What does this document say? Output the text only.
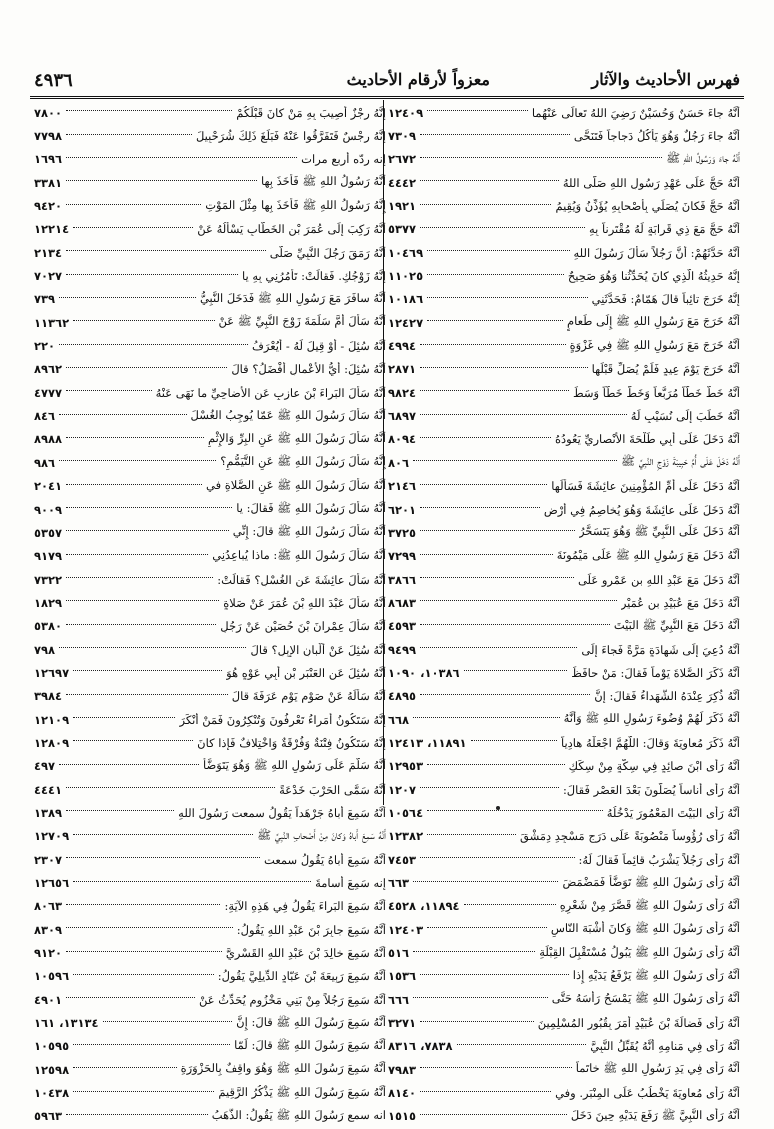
فهرس الأحاديث والآثار
معزواً لأرقام الأحاديث
٤٩٣٦
أَنَّهُ جاءَ حَسَنٌ وَحُسَيْنٌ رَضِيَ اللهُ تَعالَى عَنْهُما
١٢٤٠٩
أَنَّهُ جاءَ رَجُلٌ وَهُوَ يَأْكُلُ دَجاجاً فَتَنَحَّى
٧٣٠٩
أَنَّهُ جاءَ وَرَسُولُ اللهِ ﷺ
٢٦٧٢
أَنَّهُ حَجَّ عَلَى عَهْدِ رَسُولِ اللهِ صَلَّى اللهُ
٤٤٤٢
أَنَّهُ حَجَّ فَكانَ يُصَلِّي بِأَصْحابِهِ يُؤَذِّنُ وَيُقِيمُ
١٩٢١
أَنَّهُ حَجَّ مَعَ ذِي قَرابَةٍ لَهُ مُقْتَرِناً بِهِ
٥٣٧٧
أَنَّهُ حَدَّثَهُمْ: أَنَّ رَجُلاً سَأَلَ رَسُولَ اللهِ
١٠٤٦٩
إِنَّهُ حَدِيثُهُ الَّذِي كانَ يُحَدِّثُنا وَهُوَ صَحِيحٌ
١١٠٢٥
إِنَّهُ خَرَجَ تائِباً قالَ هَمّامٌ: فَحَدَّثَنِي
١٠١٨٦
أَنَّهُ خَرَجَ مَعَ رَسُولِ اللهِ ﷺ إِلَى طَعامٍ
١٢٤٢٧
أَنَّهُ خَرَجَ مَعَ رَسُولِ اللهِ ﷺ فِي غَزْوَةٍ
٤٩٩٤
أَنَّهُ خَرَجَ يَوْمَ عِيدٍ فَلَمْ يُصَلِّ قَبْلَها
٢٨٧١
أَنَّهُ خَطَّ خَطّاً مُرَبَّعاً وَخَطَّ خَطّاً وَسَطَ
٩٨٢٤
أَنَّهُ خَطَبَ إِلَى نُسَيْبٍ لَهُ
٦٨٩٧
أَنَّهُ دَخَلَ عَلَى أَبِي طَلْحَةَ الأَنْصارِيِّ يَعُودُهُ
٨٠٩٤
أَنَّهُ دَخَلَ عَلَى أُمِّ حَبِيبَةَ زَوْجِ النَّبِيِّ ﷺ
٨٠٦
أَنَّهُ دَخَلَ عَلَى أُمِّ المُؤْمِنِينَ عائِشَةَ فَسَأَلَها
٢١٤٦
أَنَّهُ دَخَلَ عَلَى عائِشَةَ وَهُوَ يُخاصِمُ فِي أَرْضٍ
٦٢٠١
أَنَّهُ دَخَلَ عَلَى النَّبِيِّ ﷺ وَهُوَ يَتَسَحَّرُ
٣٧٢٥
أَنَّهُ دَخَلَ مَعَ رَسُولِ اللهِ ﷺ عَلَى مَيْمُونَةَ
٧٢٩٩
أَنَّهُ دَخَلَ مَعَ عَبْدِ اللهِ بنِ عَمْرٍو عَلَى
٣٨٦٦
أَنَّهُ دَخَلَ مَعَ عُبَيْدِ بنِ عُمَيْرٍ
٨٦٨٣
أَنَّهُ دَخَلَ مَعَ النَّبِيِّ ﷺ البَيْتَ
٤٥٩٣
أَنَّهُ دُعِيَ إِلَى شَهادَةٍ مَرَّةً فَجاءَ إِلَى
٩٤٩٩
أَنَّهُ ذَكَرَ الصَّلاةَ يَوْماً فَقالَ: مَنْ حافَظَ
١٠٣٨٦، ١٠٩٠
أَنَّهُ ذُكِرَ عِنْدَهُ الشُّهَداءُ فَقالَ: إِنَّ
٤٨٩٥
أَنَّهُ ذَكَرَ لَهُمْ وُضُوءَ رَسُولِ اللهِ ﷺ وَأَنَّهُ
٦٦٨
أَنَّهُ ذَكَرَ مُعاوِيَةَ وَقالَ: اللَّهُمَّ اجْعَلْهُ هادِياً
١١٨٩١، ١٢٤١٣
أَنَّهُ رَأَى ابْنَ صائِدٍ فِي سِكَّةٍ مِنْ سِكَكِ
١٢٩٥٣
أَنَّهُ رَأَى أُناساً يُصَلُّونَ بَعْدَ العَصْرِ فَقالَ:
١٢٠٧
أَنَّهُ رَأَى البَيْتَ المَعْمُورَ يَدْخُلُهُ
١٠٥٦٤
أَنَّهُ رَأَى رُؤُوساً مَنْصُوبَةً عَلَى دَرَجِ مَسْجِدِ دِمَشْقَ
١٢٣٨٢
أَنَّهُ رَأَى رَجُلاً يَشْرَبُ قائِماً فَقالَ لَهُ:
٧٤٥٣
أَنَّهُ رَأَى رَسُولَ اللهِ ﷺ تَوَضَّأَ فَمَضْمَضَ
٦٦٣
أَنَّهُ رَأَى رَسُولَ اللهِ ﷺ قَصَّرَ مِنْ شَعْرِهِ
١١٨٩٤، ٤٥٢٨
أَنَّهُ رَأَى رَسُولَ اللهِ ﷺ وَكانَ أَشْبَهَ النّاسِ
١٢٤٠٣
أَنَّهُ رَأَى رَسُولَ اللهِ ﷺ يَبُولُ مُسْتَقْبِلَ القِبْلَةِ
٥١٦
أَنَّهُ رَأَى رَسُولَ اللهِ ﷺ يَرْفَعُ يَدَيْهِ إِذا
١٥٣٦
أَنَّهُ رَأَى رَسُولَ اللهِ ﷺ يَمْسَحُ رَأْسَهُ حَتَّى
٦٦٦
أَنَّهُ رَأَى فَضالَةَ بْنَ عُبَيْدٍ أَمَرَ بِقُبُورِ المُسْلِمِينَ
٣٢٧١
أَنَّهُ رَأَى فِي مَنامِهِ أَنَّهُ يُقَبِّلُ النَّبِيَّ
٧٨٣٨، ٨٣١٦
أَنَّهُ رَأَى فِي يَدِ رَسُولِ اللهِ ﷺ خاتَماً
٧٩٨٣
أَنَّهُ رَأَى مُعاوِيَةَ يَخْطُبُ عَلَى المِنْبَرِ. وفي
٨١٤٠
أَنَّهُ رَأَى النَّبِيَّ ﷺ رَفَعَ يَدَيْهِ حِينَ دَخَلَ
١٥١٥
إِنَّهُ رِجْزٌ أُصِيبَ بِهِ مَنْ كانَ قَبْلَكُمْ
٧٨٠٠
إِنَّهُ رِجْسٌ فَتَفَرَّقُوا عَنْهُ فَبَلَغَ ذَلِكَ شُرَحْبِيلَ
٧٧٩٨
إنه ردّه أربع مرات
١٦٩٦
أَنَّهُ رَسُولُ اللهِ ﷺ فَأَخَذَ بِها
٣٣٨١
إِنَّهُ رَسُولُ اللهِ ﷺ فَأَخَذَ بِها مِثْلَ المَوْتِ
٩٤٢٠
أَنَّهُ رَكِبَ إِلَى عُمَرَ بْنِ الخَطّابِ يَسْأَلُهُ عَنْ
١٢٢١٤
أَنَّهُ رَمَقَ رَجُلَ النَّبِيِّ صَلَّى
٢١٣٤
إِنَّهُ زَوْجُكِ. فَقالَتْ: تَأْمُرُنِي بِهِ يا
٧٠٢٧
أَنَّهُ سافَرَ مَعَ رَسُولِ اللهِ ﷺ فَدَخَلَ النَّبِيُّ
٧٣٩
أَنَّهُ سَأَلَ أُمَّ سَلَمَةَ زَوْجَ النَّبِيِّ ﷺ عَنْ
١١٣٦٢
أَنَّهُ سُئِلَ - أَوْ قِيلَ لَهُ - أَيُعْرَفُ
٢٢٠
أَنَّهُ سُئِلَ: أَيُّ الأَعْمالِ أَفْضَلُ؟ قالَ
٨٩٦٢
أَنَّهُ سَأَلَ البَراءَ بْنَ عازِبٍ عَنِ الأَضاحِيِّ ما نَهَى عَنْهُ
٤٧٧٧
أَنَّهُ سَأَلَ رَسُولَ اللهِ ﷺ عَمّا يُوجِبُ الغُسْلَ
٨٤٦
أَنَّهُ سَأَلَ رَسُولَ اللهِ ﷺ عَنِ البِرِّ وَالإِثْمِ
٨٩٨٨
إِنَّهُ سَأَلَ رَسُولَ اللهِ ﷺ عَنِ التَّيَمُّمِ؟
٩٨٦
أَنَّهُ سَأَلَ رَسُولَ اللهِ ﷺ عَنِ الصَّلاةِ في
٢٠٤١
أَنَّهُ سَأَلَ رَسُولَ اللهِ ﷺ فَقالَ: يا
٩٠٠٩
أَنَّهُ سَأَلَ رَسُولَ اللهِ ﷺ قالَ: إِنِّي
٥٣٥٧
أَنَّهُ سَأَلَ رَسُولَ اللهِ ﷺ: ماذا يُباعِدُنِي
٩١٧٩
أَنَّهُ سَأَلَ عائِشَةَ عَنِ الغُسْلِ؟ فَقالَتْ:
٧٣٢٢
أَنَّهُ سَأَلَ عَبْدَ اللهِ بْنَ عُمَرَ عَنْ صَلاةٍ
١٨٢٩
أَنَّهُ سَأَلَ عِمْرانَ بْنَ حُصَيْنٍ عَنْ رَجُلٍ
٥٣٨٠
أَنَّهُ سُئِلَ عَنْ أَلْبانِ الإِبِلِ؟ قالَ
٧٩٨
أَنَّهُ سُئِلَ عَنِ العَنْبَرِ بْنِ أَبِي عَوْهٍ هُوَ
١٢٦٩٧
أَنَّهُ سَأَلَهُ عَنْ صَوْمِ يَوْمِ عَرَفَةَ قالَ
٣٩٨٤
إِنَّهُ سَتَكُونُ أُمَراءُ تَعْرِفُونَ وَتُنْكِرُونَ فَمَنْ أَنْكَرَ
١٢١٠٩
إِنَّهُ سَتَكُونُ فِتْنَةٌ وَفُرْقَةٌ وَاخْتِلافٌ فَإِذا كانَ
١٢٨٠٩
أَنَّهُ سَلَّمَ عَلَى رَسُولِ اللهِ ﷺ وَهُوَ يَتَوَضَّأُ
٤٩٧
أَنَّهُ سَمَّى الحَرْبَ خَدْعَةً
٤٤٤١
أَنَّهُ سَمِعَ أَباهُ جَرْهَداً يَقُولُ سمعت رَسُولَ اللهِ
١٣٨٩
أَنَّهُ سَمِعَ أَباهُ وَكانَ مِنْ أَصْحابِ النَّبِيِّ ﷺ
١٢٧٠٩
أَنَّهُ سَمِعَ أَباهُ يَقُولُ سمعت
٢٣٠٧
إنه سَمِعَ أُسامةَ
١٢٦٥٦
أَنَّهُ سَمِعَ البَراءَ يَقُولُ فِي هَذِهِ الآيَةِ:
٨٠٦٣
أَنَّهُ سَمِعَ جابِرَ بْنَ عَبْدِ اللهِ يَقُولُ:
٨٣٠٩
أَنَّهُ سَمِعَ خالِدَ بْنَ عَبْدِ اللهِ القَسْرِيَّ
٩١٢٠
أَنَّهُ سَمِعَ رَبِيعَةَ بْنَ عَبّادٍ الدِّيلِيَّ يَقُولُ:
١٠٥٩٦
أَنَّهُ سَمِعَ رَجُلاً مِنْ بَنِي مَخْزُومٍ يُحَدِّثُ عَنْ
٤٩٠١
أَنَّهُ سَمِعَ رَسُولَ اللهِ ﷺ قالَ: إِنَّ
١٣١٣٤، ١٦١
أَنَّهُ سَمِعَ رَسُولَ اللهِ ﷺ قالَ: لَمّا
١٠٥٩٥
أَنَّهُ سَمِعَ رَسُولَ اللهِ ﷺ وَهُوَ واقِفٌ بِالحَزْوَرَةِ
١٢٥٩٨
أَنَّهُ سَمِعَ رَسُولَ اللهِ ﷺ يَذْكُرُ الرَّقِيمَ
١٠٤٣٨
انه سمع رَسُولَ اللهِ ﷺ يَقُولُ: الذَّهَبُ
٥٩٦٣
